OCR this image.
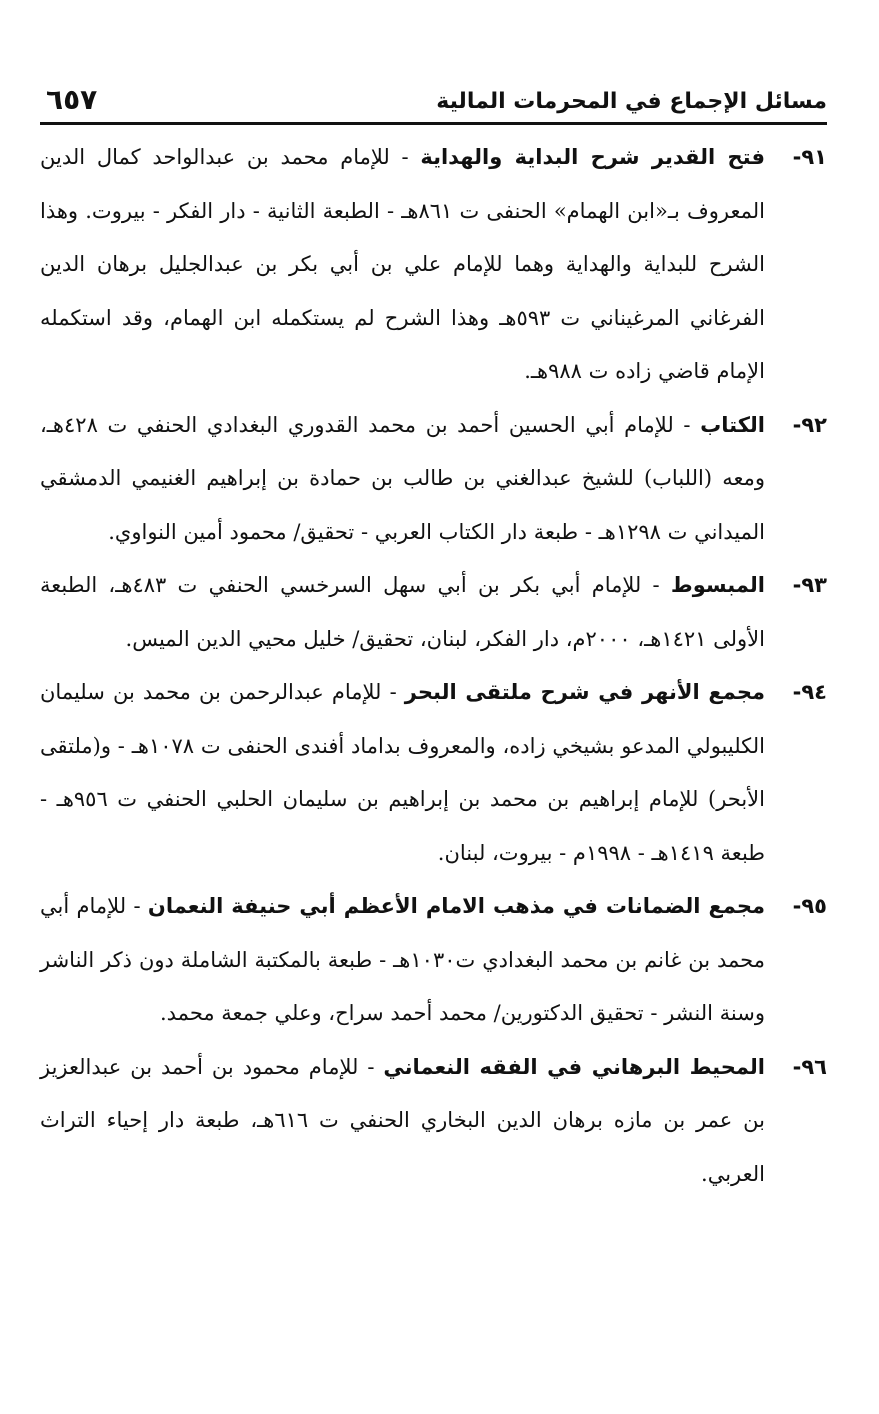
مسائل الإجماع في المحرمات المالية
٦٥٧
٩١-
فتح القدير شرح البداية والهداية - للإمام محمد بن عبدالواحد كمال الدين المعروف بـ«ابن الهمام» الحنفى ت ٨٦١هـ - الطبعة الثانية - دار الفكر - بيروت. وهذا الشرح للبداية والهداية وهما للإمام علي بن أبي بكر بن عبدالجليل برهان الدين الفرغاني المرغيناني ت ٥٩٣هـ وهذا الشرح لم يستكمله ابن الهمام، وقد استكمله الإمام قاضي زاده ت ٩٨٨هـ.
٩٢-
الكتاب - للإمام أبي الحسين أحمد بن محمد القدوري البغدادي الحنفي ت ٤٢٨هـ، ومعه (اللباب) للشيخ عبدالغني بن طالب بن حمادة بن إبراهيم الغنيمي الدمشقي الميداني ت ١٢٩٨هـ - طبعة دار الكتاب العربي - تحقيق/ محمود أمين النواوي.
٩٣-
المبسوط - للإمام أبي بكر بن أبي سهل السرخسي الحنفي ت ٤٨٣هـ، الطبعة الأولى ١٤٢١هـ، ٢٠٠٠م، دار الفكر، لبنان، تحقيق/ خليل محيي الدين الميس.
٩٤-
مجمع الأنهر في شرح ملتقى البحر - للإمام عبدالرحمن بن محمد بن سليمان الكليبولي المدعو بشيخي زاده، والمعروف بداماد أفندى الحنفى ت ١٠٧٨هـ - و(ملتقى الأبحر) للإمام إبراهيم بن محمد بن إبراهيم بن سليمان الحلبي الحنفي ت ٩٥٦هـ - طبعة ١٤١٩هـ - ١٩٩٨م - بيروت، لبنان.
٩٥-
مجمع الضمانات في مذهب الامام الأعظم أبي حنيفة النعمان - للإمام أبي محمد بن غانم بن محمد البغدادي ت١٠٣٠هـ - طبعة بالمكتبة الشاملة دون ذكر الناشر وسنة النشر - تحقيق الدكتورين/ محمد أحمد سراح، وعلي جمعة محمد.
٩٦-
المحيط البرهاني في الفقه النعماني - للإمام محمود بن أحمد بن عبدالعزيز بن عمر بن مازه برهان الدين البخاري الحنفي ت ٦١٦هـ، طبعة دار إحياء التراث العربي.
